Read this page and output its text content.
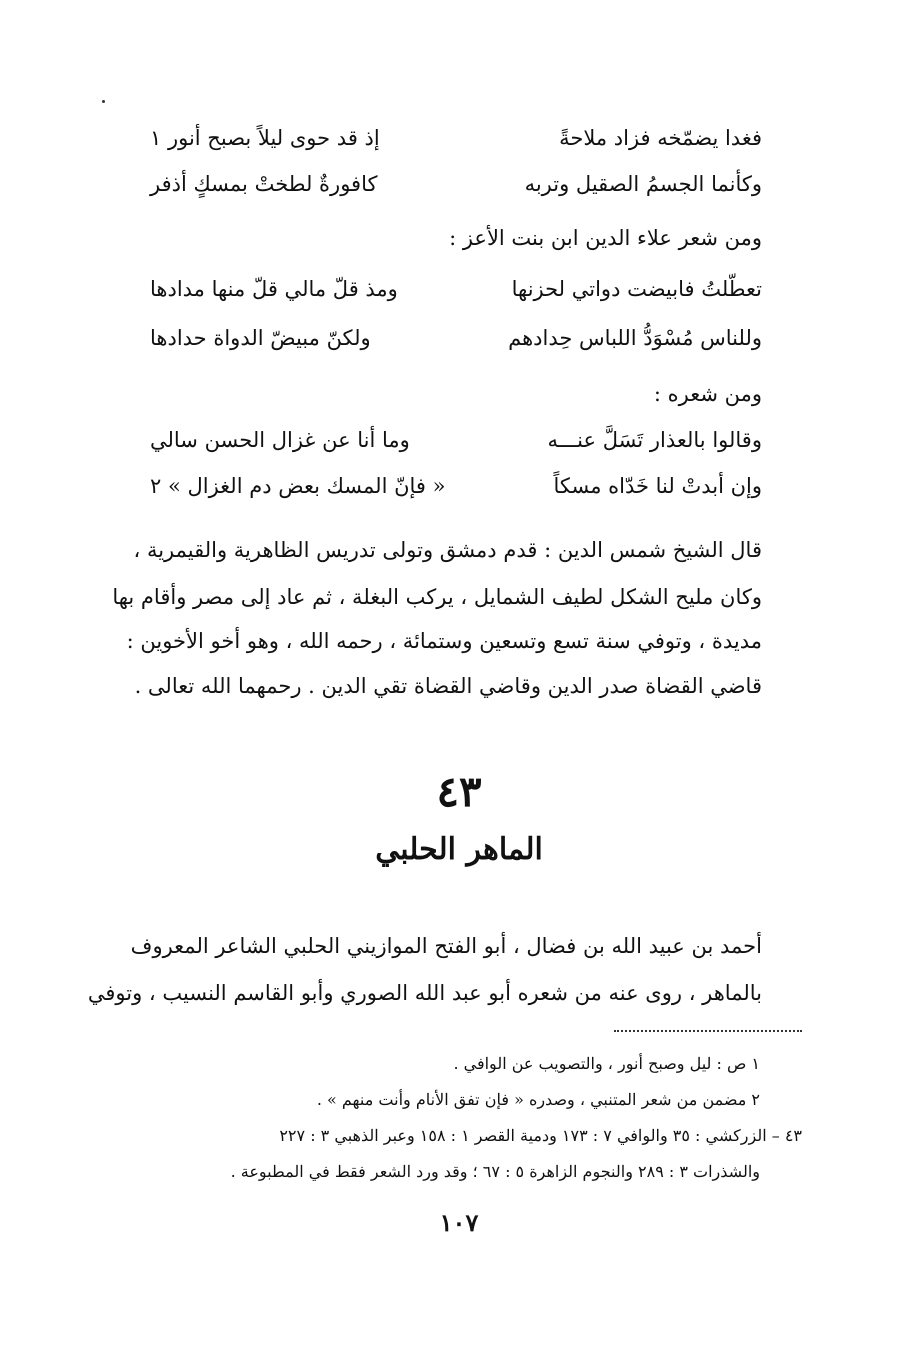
فغدا يضمّخه فزاد ملاحةً
إذ قد حوى ليلاً بصبح أنور ١
وكأنما الجسمُ الصقيل وتربه
كافورةٌ لطختْ بمسكٍ أذفر
ومن شعر علاء الدين ابن بنت الأعز :
تعطّلتُ فابيضت دواتي لحزنها
ومذ قلّ مالي قلّ منها مدادها
وللناس مُسْوَدُّ اللباس حِدادهم
ولكنّ مبيضّ الدواة حدادها
ومن شعره :
وقالوا بالعذار تَسَلَّ عنـــه
وما أنا عن غزال الحسن سالي
وإن أبدتْ لنا خَدّاه مسكاً
« فإنّ المسك بعض دم الغزال » ٢
قال الشيخ شمس الدين : قدم دمشق وتولى تدريس الظاهرية والقيمرية ،
وكان مليح الشكل لطيف الشمايل ، يركب البغلة ، ثم عاد إلى مصر وأقام بها
مديدة ، وتوفي سنة تسع وتسعين وستمائة ، رحمه الله ، وهو أخو الأخوين :
قاضي القضاة صدر الدين وقاضي القضاة تقي الدين . رحمهما الله تعالى .
٤٣
الماهر الحلبي
أحمد بن عبيد الله بن فضال ، أبو الفتح الموازيني الحلبي الشاعر المعروف
بالماهر ، روى عنه من شعره أبو عبد الله الصوري وأبو القاسم النسيب ، وتوفي
١ ص : ليل وصبح أنور ، والتصويب عن الوافي .
٢ مضمن من شعر المتنبي ، وصدره « فإن تفق الأنام وأنت منهم » .
٤٣ – الزركشي : ٣٥ والوافي ٧ : ١٧٣ ودمية القصر ١ : ١٥٨ وعبر الذهبي ٣ : ٢٢٧
والشذرات ٣ : ٢٨٩ والنجوم الزاهرة ٥ : ٦٧ ؛ وقد ورد الشعر فقط في المطبوعة .
١٠٧
